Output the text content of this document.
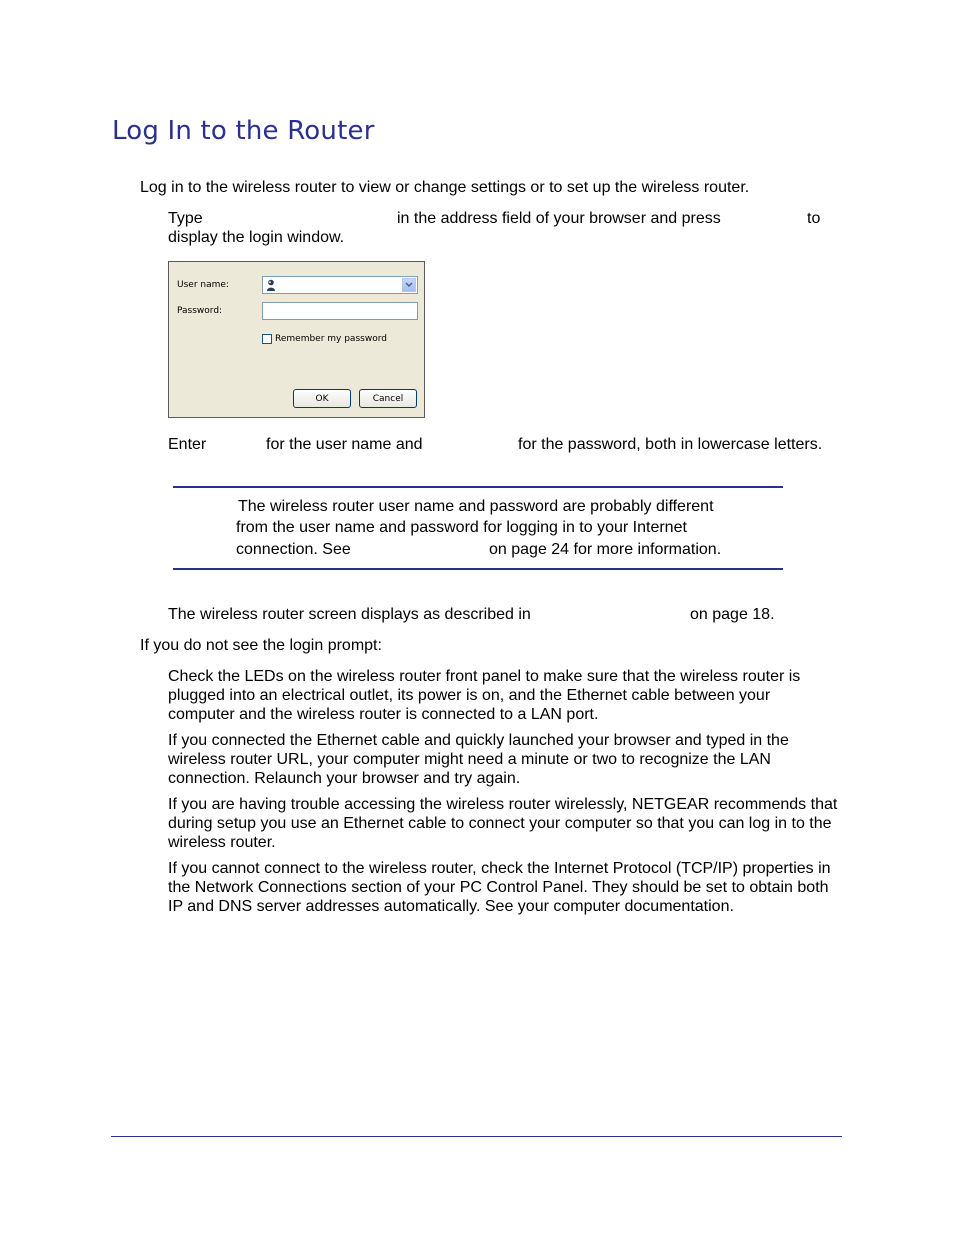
Log In to the Router
Log in to the wireless router to view or change settings or to set up the wireless router.
Type	in the address field of your browser and press	to
display the login window.
User name:
Password:
Remember my password
OK	Cancel
Enter	for the user name and	for the password, both in lowercase letters.
The wireless router user name and password are probably different
from the user name and password for logging in to your Internet
connection. See	on page 24 for more information.
The wireless router screen displays as described in	on page 18.
If you do not see the login prompt:
Check the LEDs on the wireless router front panel to make sure that the wireless router is plugged into an electrical outlet, its power is on, and the Ethernet cable between your computer and the wireless router is connected to a LAN port.
If you connected the Ethernet cable and quickly launched your browser and typed in the wireless router URL, your computer might need a minute or two to recognize the LAN connection. Relaunch your browser and try again.
If you are having trouble accessing the wireless router wirelessly, NETGEAR recommends that during setup you use an Ethernet cable to connect your computer so that you can log in to the wireless router.
If you cannot connect to the wireless router, check the Internet Protocol (TCP/IP) properties in the Network Connections section of your PC Control Panel. They should be set to obtain both IP and DNS server addresses automatically. See your computer documentation.
